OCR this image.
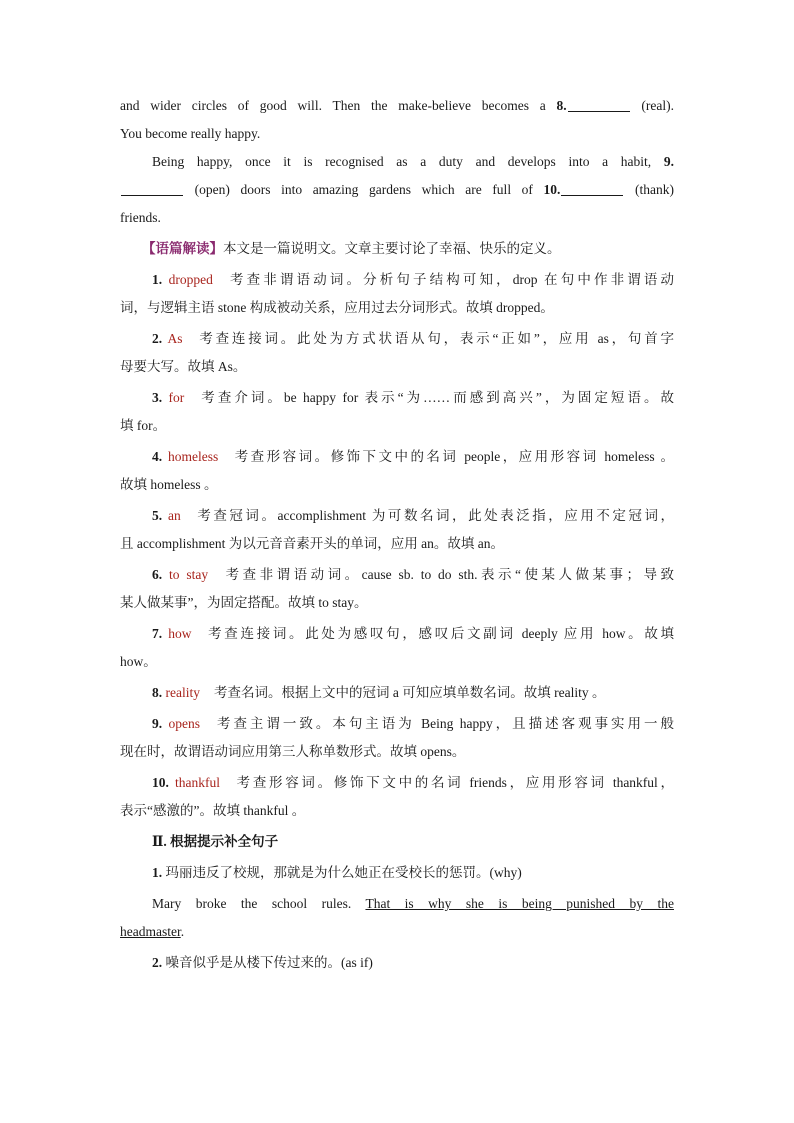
and wider circles of good will. Then the make-believe becomes a 8.	(real).
You become really happy.
Being happy, once it is recognised as a duty and develops into a habit, 9.
(open) doors into amazing gardens which are full of 10.	(thank)
friends.
【语篇解读】本文是一篇说明文。文章主要讨论了幸福、快乐的定义。
1. dropped 考查非谓语动词。分析句子结构可知，drop 在句中作非谓语动
词，与逻辑主语 stone 构成被动关系，应用过去分词形式。故填 dropped。
2. As 考查连接词。此处为方式状语从句，表示“正如”，应用 as，句首字
母要大写。故填 As。
3. for 考查介词。be happy for 表示“为……而感到高兴”，为固定短语。故
填 for。
4. homeless 考查形容词。修饰下文中的名词 people，应用形容词 homeless 。
故填 homeless 。
5. an 考查冠词。accomplishment 为可数名词，此处表泛指，应用不定冠词，
且 accomplishment 为以元音音素开头的单词，应用 an。故填 an。
6. to stay 考查非谓语动词。cause sb. to do sth.表示“使某人做某事；导致
某人做某事”，为固定搭配。故填 to stay。
7. how 考查连接词。此处为感叹句，感叹后文副词 deeply 应用 how。故填
how。
8. reality 考查名词。根据上文中的冠词 a 可知应填单数名词。故填 reality 。
9. opens 考查主谓一致。本句主语为 Being happy，且描述客观事实用一般
现在时，故谓语动词应用第三人称单数形式。故填 opens。
10. thankful 考查形容词。修饰下文中的名词 friends，应用形容词 thankful，
表示“感激的”。故填 thankful 。
Ⅱ. 根据提示补全句子
1. 玛丽违反了校规，那就是为什么她正在受校长的惩罚。(why)
Mary broke the school rules. That is why she is being punished by the
headmaster.
2. 噪音似乎是从楼下传过来的。(as if)
